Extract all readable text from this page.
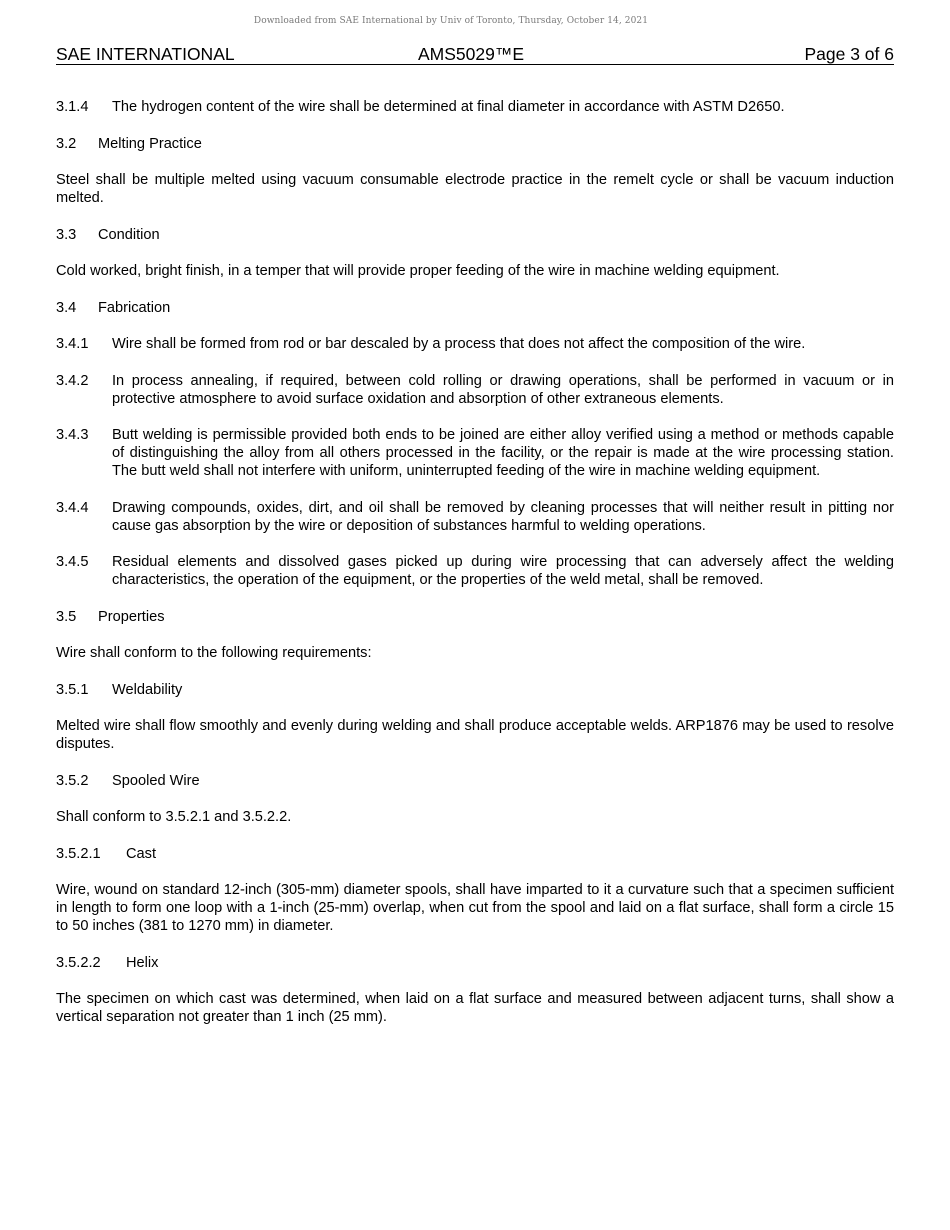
Downloaded from SAE International by Univ of Toronto, Thursday, October 14, 2021
SAE INTERNATIONAL	AMS5029™E	Page 3 of 6
3.1.4 The hydrogen content of the wire shall be determined at final diameter in accordance with ASTM D2650.
3.2 Melting Practice
Steel shall be multiple melted using vacuum consumable electrode practice in the remelt cycle or shall be vacuum induction melted.
3.3 Condition
Cold worked, bright finish, in a temper that will provide proper feeding of the wire in machine welding equipment.
3.4 Fabrication
3.4.1 Wire shall be formed from rod or bar descaled by a process that does not affect the composition of the wire.
3.4.2 In process annealing, if required, between cold rolling or drawing operations, shall be performed in vacuum or in protective atmosphere to avoid surface oxidation and absorption of other extraneous elements.
3.4.3 Butt welding is permissible provided both ends to be joined are either alloy verified using a method or methods capable of distinguishing the alloy from all others processed in the facility, or the repair is made at the wire processing station. The butt weld shall not interfere with uniform, uninterrupted feeding of the wire in machine welding equipment.
3.4.4 Drawing compounds, oxides, dirt, and oil shall be removed by cleaning processes that will neither result in pitting nor cause gas absorption by the wire or deposition of substances harmful to welding operations.
3.4.5 Residual elements and dissolved gases picked up during wire processing that can adversely affect the welding characteristics, the operation of the equipment, or the properties of the weld metal, shall be removed.
3.5 Properties
Wire shall conform to the following requirements:
3.5.1 Weldability
Melted wire shall flow smoothly and evenly during welding and shall produce acceptable welds. ARP1876 may be used to resolve disputes.
3.5.2 Spooled Wire
Shall conform to 3.5.2.1 and 3.5.2.2.
3.5.2.1 Cast
Wire, wound on standard 12-inch (305-mm) diameter spools, shall have imparted to it a curvature such that a specimen sufficient in length to form one loop with a 1-inch (25-mm) overlap, when cut from the spool and laid on a flat surface, shall form a circle 15 to 50 inches (381 to 1270 mm) in diameter.
3.5.2.2 Helix
The specimen on which cast was determined, when laid on a flat surface and measured between adjacent turns, shall show a vertical separation not greater than 1 inch (25 mm).
